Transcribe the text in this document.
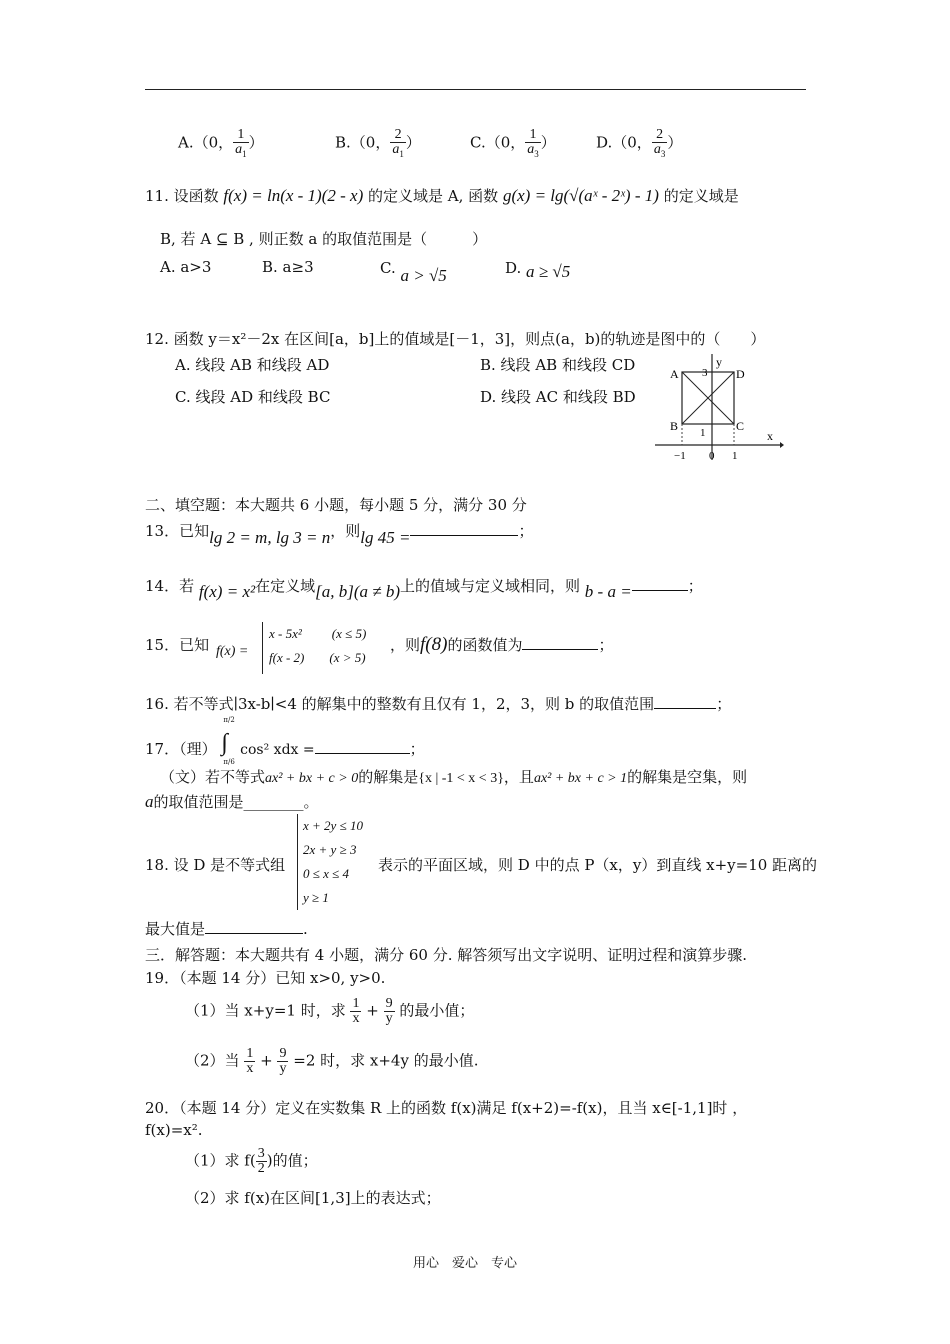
A.（0， $\frac{1}{a_1}$ ）	B.（0， $\frac{2}{a_1}$ ）	C.（0， $\frac{1}{a_3}$ ）	D.（0， $\frac{2}{a_3}$ ）
11. 设函数 f(x) = ln(x - 1)(2 - x) 的定义域是 A, 函数 g(x) = lg(√(aˣ - 2ˣ) - 1) 的定义域是
B, 若 A ⊆ B , 则正数 a 的取值范围是（　　　）
A. a>3	B. a≥3	C. a > √5	D. a ≥ √5
12. 函数 y＝x²－2x 在区间[a，b]上的值域是[－1，3]，则点(a，b)的轨迹是图中的（　　）
A. 线段 AB 和线段 AD	B. 线段 AB 和线段 CD
C. 线段 AD 和线段 BC	D. 线段 AC 和线段 BD
A
B	C
D
y
x
3
1
−1 0 1
二、填空题：本大题共 6 小题，每小题 5 分，满分 30 分
13．已知lg 2 = m, lg 3 = n，则lg 45 =	；
14．若 f(x) = x²在定义域[a, b](a ≠ b)上的值域与定义域相同，则 b - a =	；
15．已知 f(x) =
x - 5x² (x ≤ 5)
f(x - 2) (x > 5)
，则f(8)的函数值为	；
16. 若不等式∣3x-b∣<4 的解集中的整数有且仅有 1，2，3，则 b 的取值范围	；
17．（理）
π/2
∫
π/6
cos² xdx =	；
（文）若不等式ax² + bx + c > 0的解集是{x | -1 < x < 3}，且ax² + bx + c > 1的解集是空集，则
a的取值范围是________。
18. 设 D 是不等式组
x + 2y ≤ 10
2x + y ≥ 3
0 ≤ x ≤ 4
y ≥ 1
表示的平面区域，则 D 中的点 P（x，y）到直线 x+y=10 距离的
最大值是	.
三．解答题：本大题共有 4 小题，满分 60 分. 解答须写出文字说明、证明过程和演算步骤.
19．（本题 14 分）已知 x>0, y>0.
（1）当 x+y=1 时，求 $\frac{1}{x} + \frac{9}{y}$ 的最小值；
（2）当 $\frac{1}{x} + \frac{9}{y} =2$ 时，求 x+4y 的最小值.
20．（本题 14 分）定义在实数集 R 上的函数 f(x)满足 f(x+2)=-f(x)，且当 x∈[-1,1]时 ，
f(x)=x².
（1）求 $f( \frac{3}{2}$ )的值；
（2）求 f(x)在区间[1,3]上的表达式；
用心　爱心　专心
